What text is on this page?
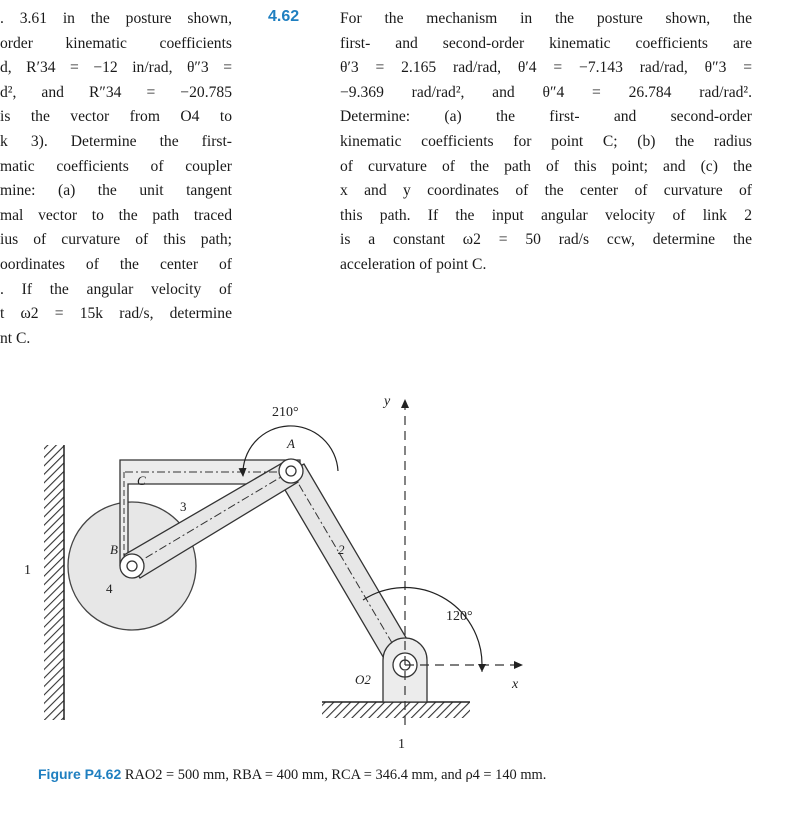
. 3.61 in the posture shown,
order kinematic coefficients
d, R′34 = −12 in/rad, θ″3 =
d², and R″34 = −20.785
is the vector from O4 to
k 3). Determine the first-
matic coefficients of coupler
mine: (a) the unit tangent
mal vector to the path traced
ius of curvature of this path;
oordinates of the center of
. If the angular velocity of
t ω2 = 15k rad/s, determine
nt C.
4.62	For the mechanism in the posture shown, the
first- and second-order kinematic coefficients are
θ′3 = 2.165 rad/rad, θ′4 = −7.143 rad/rad, θ″3 =
−9.369 rad/rad², and θ″4 = 26.784 rad/rad².
Determine: (a) the first- and second-order
kinematic coefficients for point C; (b) the radius
of curvature of the path of this point; and (c) the
x and y coordinates of the center of curvature of
this path. If the input angular velocity of link 2
is a constant ω2 = 50 rad/s ccw, determine the
acceleration of point C.
210°
120°
A
B
C
O2
1
1
2
3
4
x
y
Figure P4.62 RAO2 = 500 mm, RBA = 400 mm, RCA = 346.4 mm, and ρ4 = 140 mm.
